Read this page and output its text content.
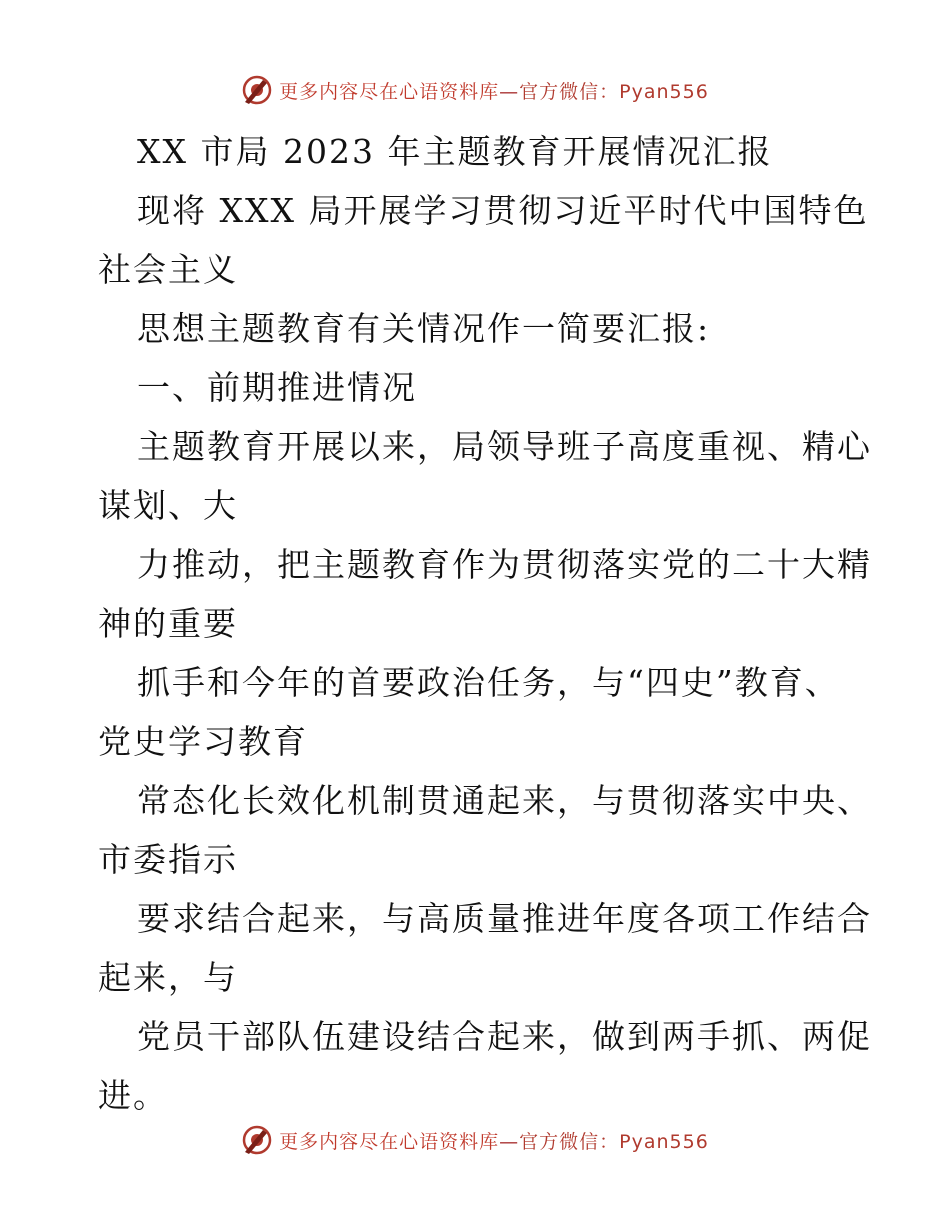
更多内容尽在心语资料库—官方微信：Pyan556
XX 市局 2023 年主题教育开展情况汇报
现将 XXX 局开展学习贯彻习近平时代中国特色
社会主义
思想主题教育有关情况作一简要汇报:
一、前期推进情况
主题教育开展以来，局领导班子高度重视、精心
谋划、大
力推动，把主题教育作为贯彻落实党的二十大精
神的重要
抓手和今年的首要政治任务，与“四史”教育、
党史学习教育
常态化长效化机制贯通起来，与贯彻落实中央、
市委指示
要求结合起来，与高质量推进年度各项工作结合
起来，与
党员干部队伍建设结合起来，做到两手抓、两促
进。
更多内容尽在心语资料库—官方微信：Pyan556
